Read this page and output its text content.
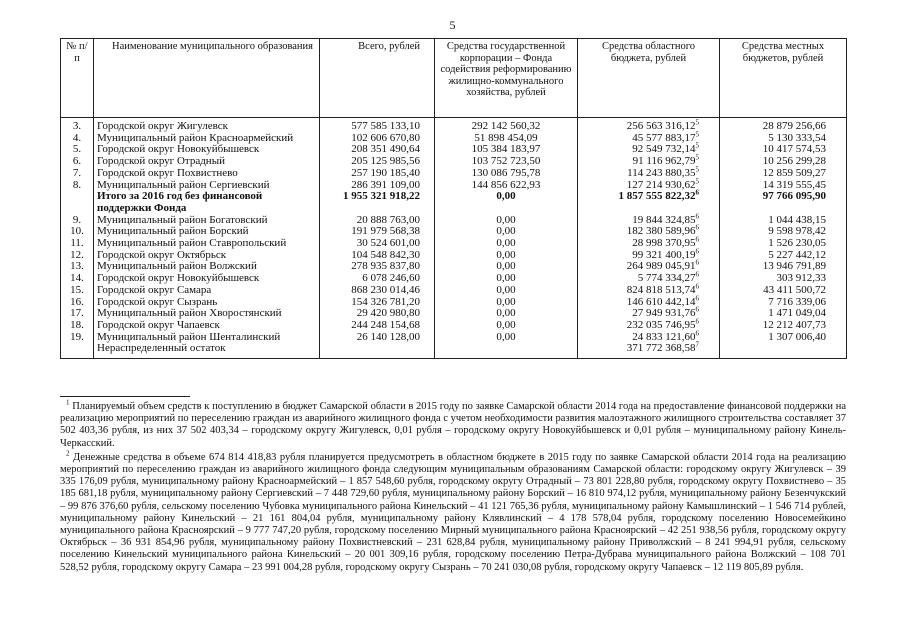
5
№ п/п	Наименование муниципального образования	Всего, рублей	Средства государственной корпорации – Фонда содействия реформированию жилищно-коммунального хозяйства, рублей	Средства областного бюджета, рублей	Средства местных бюджетов, рублей
3.	Городской округ Жигулевск	577 585 133,10	292 142 560,32	256 563 316,12$^5$	28 879 256,66
4.	Муниципальный район Красноармейский	102 606 670,80	51 898 454,09	45 577 883,17$^5$	5 130 333,54
5.	Городской округ Новокуйбышевск	208 351 490,64	105 384 183,97	92 549 732,14$^5$	10 417 574,53
6.	Городской округ Отрадный	205 125 985,56	103 752 723,50	91 116 962,79$^5$	10 256 299,28
7.	Городской округ Похвистнево	257 190 185,40	130 086 795,78	114 243 880,35$^5$	12 859 509,27
8.	Муниципальный район Сергиевский	286 391 109,00	144 856 622,93	127 214 930,62$^5$	14 319 555,45
	Итого за 2016 год без финансовой поддержки Фонда	1 955 321 918,22	0,00	1 857 555 822,32$^6$	97 766 095,90
9.	Муниципальный район Богатовский	20 888 763,00	0,00	19 844 324,85$^6$	1 044 438,15
10.	Муниципальный район Борский	191 979 568,38	0,00	182 380 589,96$^6$	9 598 978,42
11.	Муниципальный район Ставропольский	30 524 601,00	0,00	28 998 370,95$^6$	1 526 230,05
12.	Городской округ Октябрьск	104 548 842,30	0,00	99 321 400,19$^6$	5 227 442,12
13.	Муниципальный район Волжский	278 935 837,80	0,00	264 989 045,91$^6$	13 946 791,89
14.	Городской округ Новокуйбышевск	6 078 246,60	0,00	5 774 334,27$^6$	303 912,33
15.	Городской округ Самара	868 230 014,46	0,00	824 818 513,74$^6$	43 411 500,72
16.	Городской округ Сызрань	154 326 781,20	0,00	146 610 442,14$^6$	7 716 339,06
17.	Муниципальный район Хворостянский	29 420 980,80	0,00	27 949 931,76$^6$	1 471 049,04
18.	Городской округ Чапаевск	244 248 154,68	0,00	232 035 746,95$^6$	12 212 407,73
19.	Муниципальный район Шенталинский	26 140 128,00	0,00	24 833 121,60$^6$	1 307 006,40
	Нераспределенный остаток			371 772 368,58$^7$	

$^1$ Планируемый объем средств к поступлению в бюджет Самарской области в 2015 году по заявке Самарской области 2014 года на предоставление финансовой поддержки на реализацию мероприятий по переселению граждан из аварийного жилищного фонда с учетом необходимости развития малоэтажного жилищного строительства составляет 37 502 403,36 рубля, из них 37 502 403,34 – городскому округу Жигулевск, 0,01 рубля – городскому округу Новокуйбышевск и 0,01 рубля – муниципальному району Кинель-Черкасский.

$^2$ Денежные средства в объеме 674 814 418,83 рубля планируется предусмотреть в областном бюджете в 2015 году по заявке Самарской области 2014 года на реализацию мероприятий по переселению граждан из аварийного жилищного фонда следующим муниципальным образованиям Самарской области: городскому округу Жигулевск – 39 335 176,09 рубля, муниципальному району Красноармейский – 1 857 548,60 рубля, городскому округу Отрадный – 73 801 228,80 рубля, городскому округу Похвистнево – 35 185 681,18 рубля, муниципальному району Сергиевский – 7 448 729,60 рубля, муниципальному району Борский – 16 810 974,12 рубля, муниципальному району Безенчукский – 99 876 376,60 рубля, сельскому поселению Чубовка муниципального района Кинельский – 41 121 765,36 рубля, муниципальному району Камышлинский – 1 546 714 рублей, муниципальному району Кинельский – 21 161 804,04 рубля, муниципальному району Клявлинский – 4 178 578,04 рубля, городскому поселению Новосемейкино муниципального района Красноярский – 9 777 747,20 рубля, городскому поселению Мирный муниципального района Красноярский – 42 251 938,56 рубля, городскому округу Октябрьск – 36 931 854,96 рубля, муниципальному району Похвистневский – 231 628,84 рубля, муниципальному району Приволжский – 8 241 994,91 рубля, сельскому поселению Кинельский муниципального района Кинельский – 20 001 309,16 рубля, городскому поселению Петра-Дубрава муниципального района Волжский – 108 701 528,52 рубля, городскому округу Самара – 23 991 004,28 рубля, городскому округу Сызрань – 70 241 030,08 рубля, городскому округу Чапаевск – 12 119 805,89 рубля.
